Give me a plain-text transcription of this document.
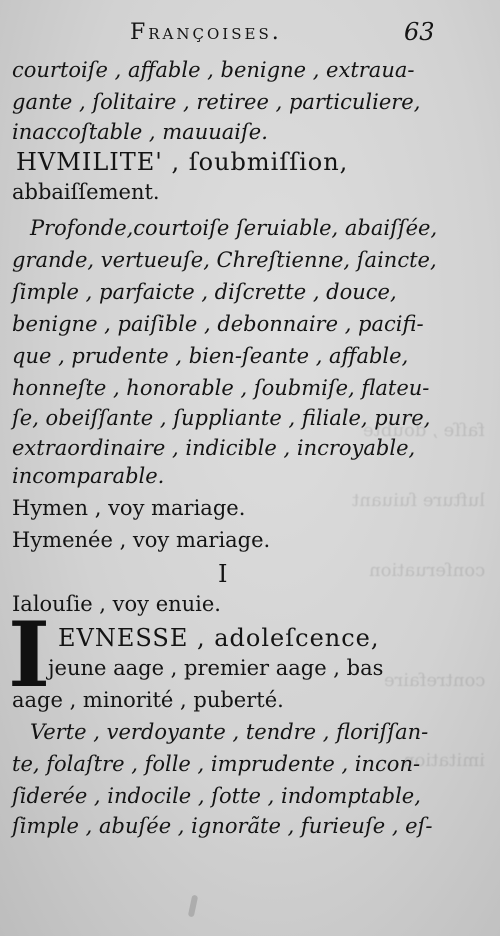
faſſe , doubte
lufture ſuiuant
conſeruation
contrefaire
imitation
Françoises.	63
courtoiſe , affable , benigne , extraua-
gante , ſolitaire , retiree , particuliere,
inaccoſtable , mauuaiſe.
HVMILITE' , ſoubmiſſion,
abbaiſſement.
Profonde,courtoiſe ſeruiable, abaiſſée,
grande, vertueuſe, Chreſtienne, ſaincte,
ſimple , parfaicte , diſcrette , douce,
benigne , paiſible , debonnaire , pacifi-
que , prudente , bien-ſeante , affable,
honneſte , honorable , ſoubmiſe, flateu-
ſe, obeiſſante , ſuppliante , filiale, pure,
extraordinaire , indicible , incroyable,
incomparable.
Hymen , voy mariage.
Hymenée , voy mariage.
I
Ialouſie , voy enuie.
I EVNESSE , adoleſcence,
jeune aage , premier aage , bas
aage , minorité , puberté.
Verte , verdoyante , tendre , floriſſan-
te, folaſtre , folle , imprudente , incon-
ſiderée , indocile , ſotte , indomptable,
ſimple , abuſée , ignorãte , furieuſe , eſ-
